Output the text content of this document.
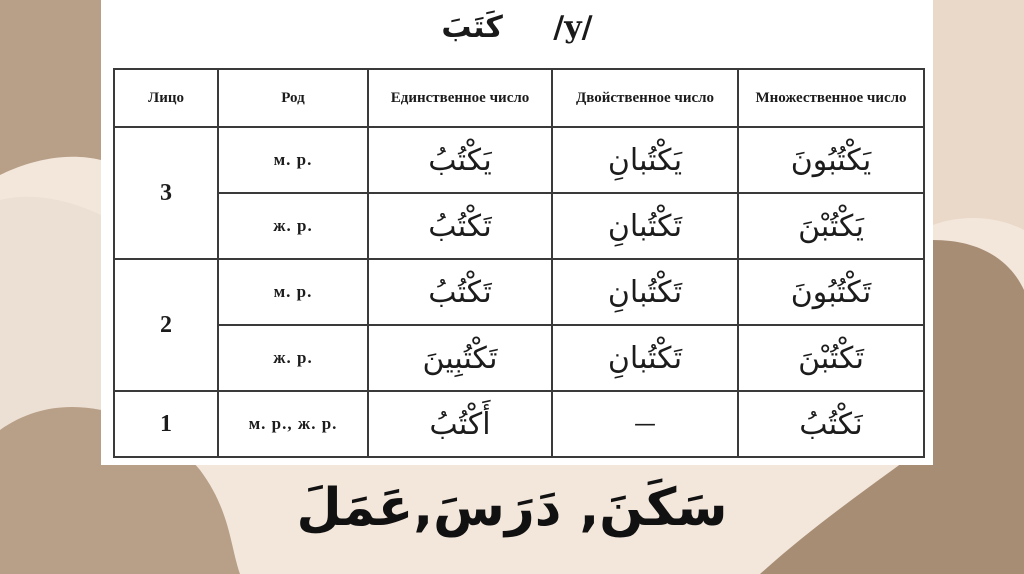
كَتَبَ /y/
Лицо	Род	Единственное число	Двойственное число	Множественное число
3	м. р.	يَكْتُبُ	يَكْتُبانِ	يَكْتُبُونَ
	ж. р.	تَكْتُبُ	تَكْتُبانِ	يَكْتُبْنَ
2	м. р.	تَكْتُبُ	تَكْتُبانِ	تَكْتُبُونَ
	ж. р.	تَكْتُبِينَ	تَكْتُبانِ	تَكْتُبْنَ
1	м. р., ж. р.	أَكْتُبُ	—	نَكْتُبُ
سَكَنَ, دَرَسَ,عَمَلَ
